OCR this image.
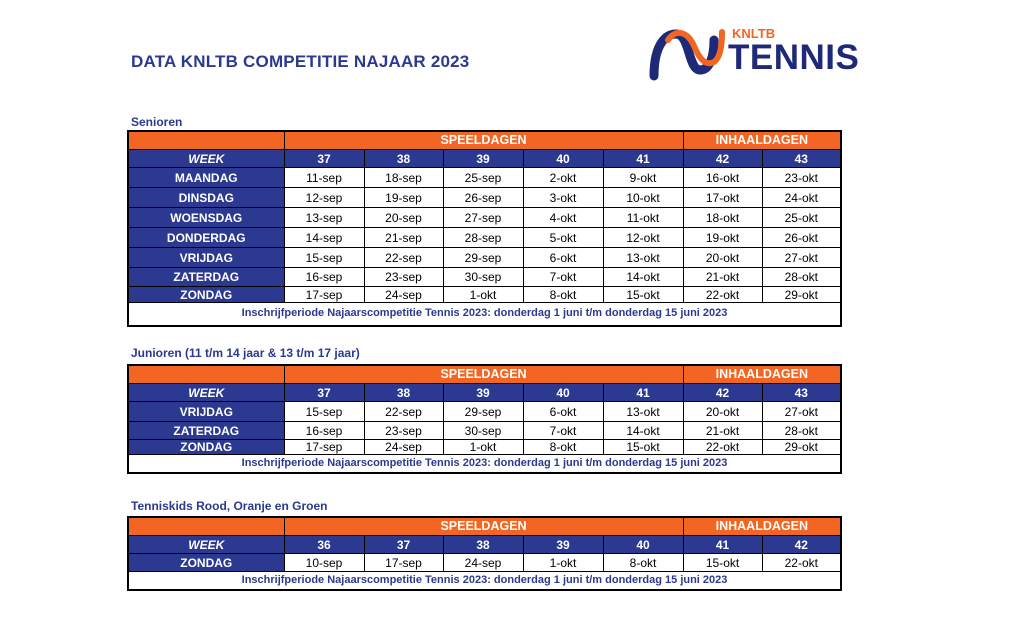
DATA KNLTB COMPETITIE NAJAAR 2023
KNLTB
TENNIS
Senioren
	SPEELDAGEN					INHAALDAGEN	
WEEK	37	38	39	40	41	42	43
MAANDAG	11-sep	18-sep	25-sep	2-okt	9-okt	16-okt	23-okt
DINSDAG	12-sep	19-sep	26-sep	3-okt	10-okt	17-okt	24-okt
WOENSDAG	13-sep	20-sep	27-sep	4-okt	11-okt	18-okt	25-okt
DONDERDAG	14-sep	21-sep	28-sep	5-okt	12-okt	19-okt	26-okt
VRIJDAG	15-sep	22-sep	29-sep	6-okt	13-okt	20-okt	27-okt
ZATERDAG	16-sep	23-sep	30-sep	7-okt	14-okt	21-okt	28-okt
ZONDAG	17-sep	24-sep	1-okt	8-okt	15-okt	22-okt	29-okt
Inschrijfperiode Najaarscompetitie Tennis 2023: donderdag 1 juni t/m donderdag 15 juni 2023							
Junioren (11 t/m 14 jaar & 13 t/m 17 jaar)
	SPEELDAGEN					INHAALDAGEN	
WEEK	37	38	39	40	41	42	43
VRIJDAG	15-sep	22-sep	29-sep	6-okt	13-okt	20-okt	27-okt
ZATERDAG	16-sep	23-sep	30-sep	7-okt	14-okt	21-okt	28-okt
ZONDAG	17-sep	24-sep	1-okt	8-okt	15-okt	22-okt	29-okt
Inschrijfperiode Najaarscompetitie Tennis 2023: donderdag 1 juni t/m donderdag 15 juni 2023							
Tenniskids Rood, Oranje en Groen
	SPEELDAGEN					INHAALDAGEN	
WEEK	36	37	38	39	40	41	42
ZONDAG	10-sep	17-sep	24-sep	1-okt	8-okt	15-okt	22-okt
Inschrijfperiode Najaarscompetitie Tennis 2023: donderdag 1 juni t/m donderdag 15 juni 2023							
